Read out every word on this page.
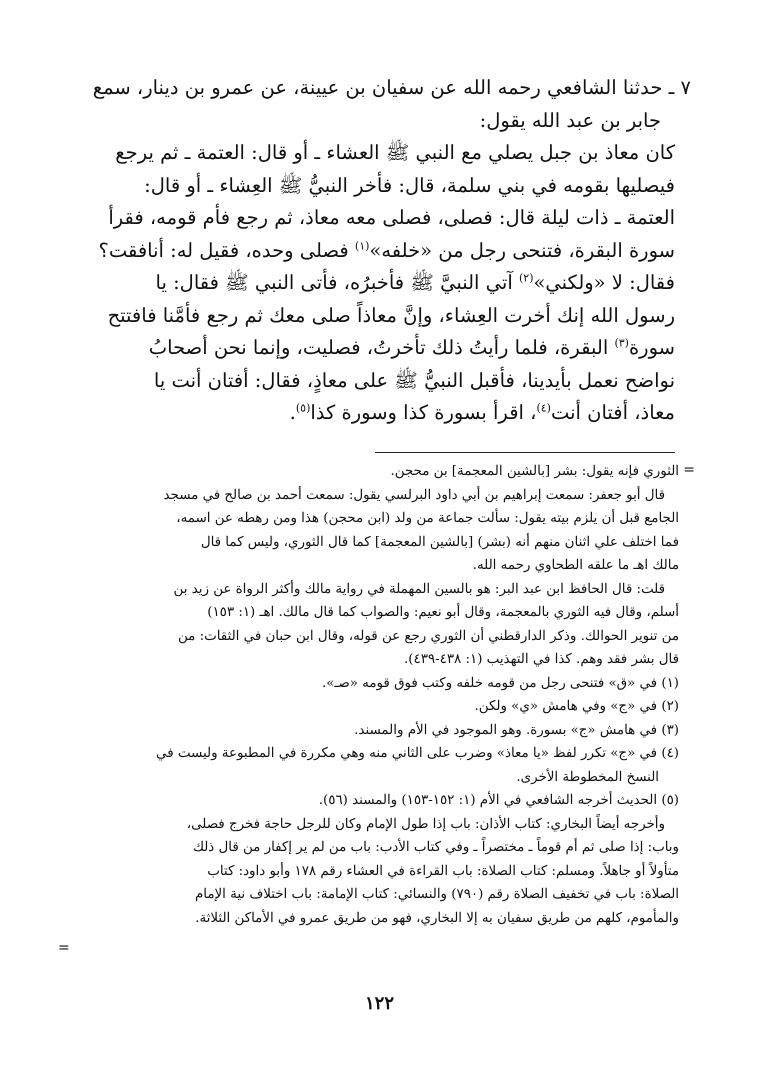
٧ ـ حدثنا الشافعي رحمه الله عن سفيان بن عيينة، عن عمرو بن دينار، سمع

جابر بن عبد الله يقول:

كان معاذ بن جبل يصلي مع النبي ﷺ العشاء ـ أو قال: العتمة ـ ثم يرجع

فيصليها بقومه في بني سلمة، قال: فأخر النبيُّ ﷺ العِشاء ـ أو قال:

العتمة ـ ذات ليلة قال: فصلى، فصلى معه معاذ، ثم رجع فأم قومه، فقرأ

سورة البقرة، فتنحى رجل من «خلفه»$^{(١)}$ فصلى وحده، فقيل له: أنافقت؟

فقال: لا «ولكني»$^{(٢)}$ آتي النبيَّ ﷺ فأخبرُه، فأتى النبي ﷺ فقال: يا

رسول الله إنك أخرت العِشاء، وإنَّ معاذاً صلى معك ثم رجع فأمَّنا فافتتح

سورة$^{(٣)}$ البقرة، فلما رأيتُ ذلك تأخرتُ، فصليت، وإنما نحن أصحابُ

نواضح نعمل بأيدينا، فأقبل النبيُّ ﷺ على معاذٍ، فقال: أفتان أنت يا

معاذ، أفتان أنت$^{(٤)}$، اقرأ بسورة كذا وسورة كذا$^{(٥)}$.

=

الثوري فإنه يقول: بشر [بالشين المعجمة] بن محجن.

قال أبو جعفر: سمعت إبراهيم بن أبي داود البرلسي يقول: سمعت أحمد بن صالح في مسجد

الجامع قبل أن يلزم بيته يقول: سألت جماعة من ولد (ابن محجن) هذا ومن رهطه عن اسمه،

فما اختلف علي اثنان منهم أنه (بشر) [بالشين المعجمة] كما قال الثوري، وليس كما قال

مالك اهـ ما علقه الطحاوي رحمه الله.

قلت: قال الحافظ ابن عبد البر: هو بالسين المهملة في رواية مالك وأكثر الرواة عن زيد بن

أسلم، وقال فيه الثوري بالمعجمة، وقال أبو نعيم: والصواب كما قال مالك. اهـ (١: ١٥٣)

من تنوير الحوالك. وذكر الدارقطني أن الثوري رجع عن قوله، وقال ابن حبان في الثقات: من

قال بشر فقد وهم. كذا في التهذيب (١: ٤٣٨-٤٣٩).

(١) في «ق» فتنحى رجل من قومه خلفه وكتب فوق قومه «صـ».

(٢) في «ج» وفي هامش «ي» ولكن.

(٣) في هامش «ج» بسورة. وهو الموجود في الأم والمسند.

(٤) في «ج» تكرر لفظ «يا معاذ» وضرب على الثاني منه وهي مكررة في المطبوعة وليست في

النسخ المخطوطة الأخرى.

(٥) الحديث أخرجه الشافعي في الأم (١: ١٥٢-١٥٣) والمسند (٥٦).

وأخرجه أيضاً البخاري: كتاب الأذان: باب إذا طول الإمام وكان للرجل حاجة فخرج فصلى،

وباب: إذا صلى ثم أم قوماً ـ مختصراً ـ وفي كتاب الأدب: باب من لم ير إكفار من قال ذلك

متأولاً أو جاهلاً. ومسلم: كتاب الصلاة: باب القراءة في العشاء رقم ١٧٨ وأبو داود: كتاب

الصلاة: باب في تخفيف الصلاة رقم (٧٩٠) والنسائي: كتاب الإمامة: باب اختلاف نية الإمام

والمأموم، كلهم من طريق سفيان به إلا البخاري، فهو من طريق عمرو في الأماكن الثلاثة.

=
١٢٢
